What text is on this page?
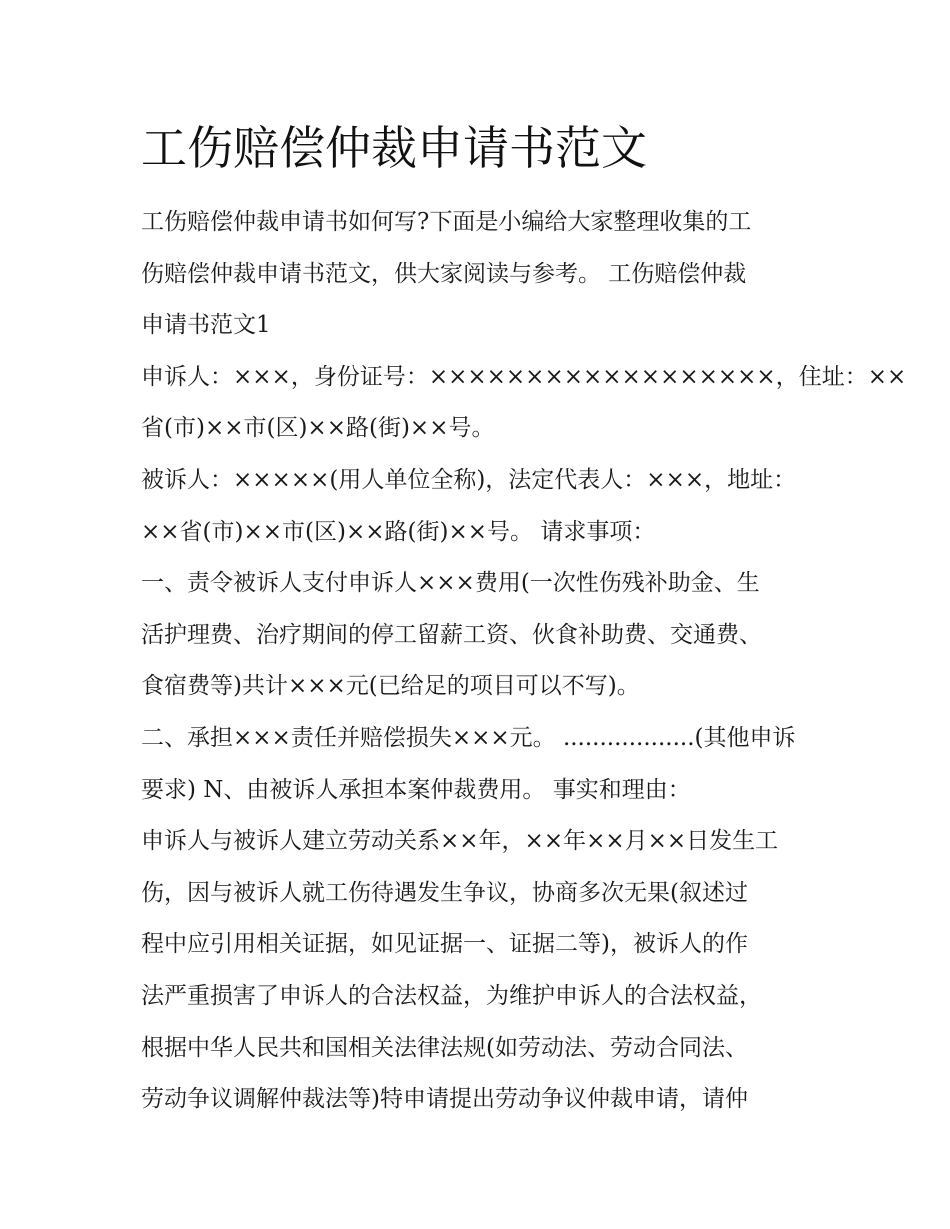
工伤赔偿仲裁申请书范文
工伤赔偿仲裁申请书如何写?下面是小编给大家整理收集的工
伤赔偿仲裁申请书范文，供大家阅读与参考。 工伤赔偿仲裁
申请书范文1
申诉人：×××，身份证号：××××××××××××××××××，住址：××
省(市)××市(区)××路(街)××号。
被诉人：×××××(用人单位全称)，法定代表人：×××，地址：
××省(市)××市(区)××路(街)××号。 请求事项：
一、责令被诉人支付申诉人×××费用(一次性伤残补助金、生
活护理费、治疗期间的停工留薪工资、伙食补助费、交通费、
食宿费等)共计×××元(已给足的项目可以不写)。
二、承担×××责任并赔偿损失×××元。 ..................(其他申诉
要求) N、由被诉人承担本案仲裁费用。 事实和理由：
申诉人与被诉人建立劳动关系××年，××年××月××日发生工
伤，因与被诉人就工伤待遇发生争议，协商多次无果(叙述过
程中应引用相关证据，如见证据一、证据二等)，被诉人的作
法严重损害了申诉人的合法权益，为维护申诉人的合法权益，
根据中华人民共和国相关法律法规(如劳动法、劳动合同法、
劳动争议调解仲裁法等)特申请提出劳动争议仲裁申请，请仲
